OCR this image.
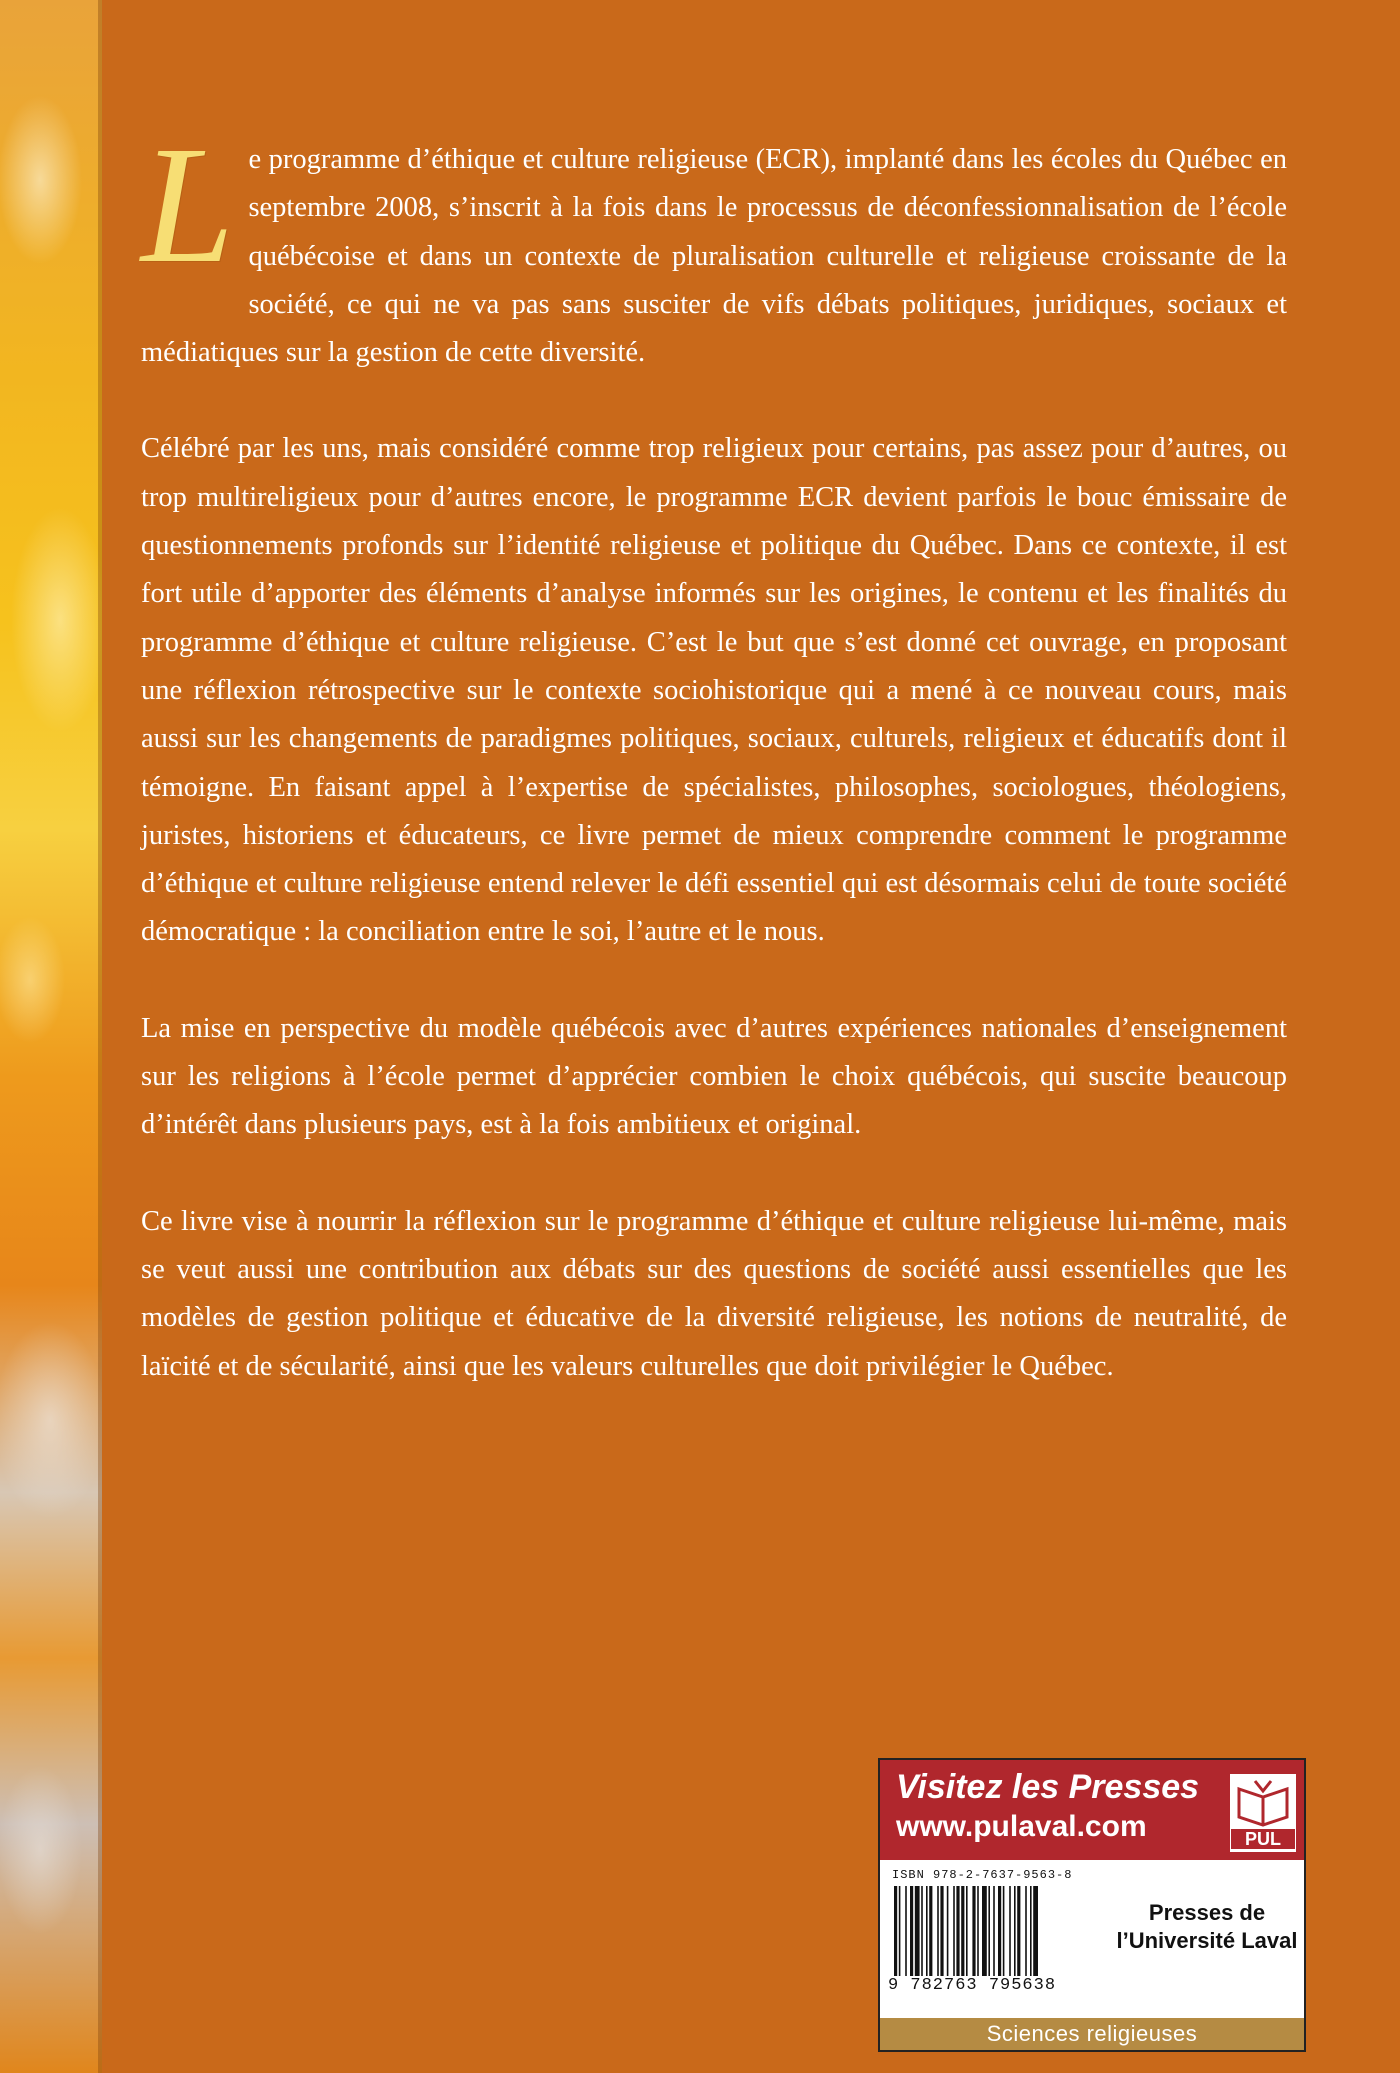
Le programme d’éthique et culture religieuse (ECR), implanté dans les écoles du Québec en septembre 2008, s’inscrit à la fois dans le processus de déconfessionnalisation de l’école québécoise et dans un contexte de pluralisation culturelle et religieuse croissante de la société, ce qui ne va pas sans susciter de vifs débats politiques, juridiques, sociaux et médiatiques sur la gestion de cette diversité.

Célébré par les uns, mais considéré comme trop religieux pour certains, pas assez pour d’autres, ou trop multireligieux pour d’autres encore, le programme ECR devient parfois le bouc émissaire de questionnements profonds sur l’identité religieuse et politique du Québec. Dans ce contexte, il est fort utile d’apporter des éléments d’analyse informés sur les origines, le contenu et les finalités du programme d’éthique et culture religieuse. C’est le but que s’est donné cet ouvrage, en proposant une réflexion rétrospective sur le contexte sociohistorique qui a mené à ce nouveau cours, mais aussi sur les changements de paradigmes politiques, sociaux, culturels, religieux et éducatifs dont il témoigne. En faisant appel à l’expertise de spécialistes, philosophes, sociologues, théologiens, juristes, historiens et éducateurs, ce livre permet de mieux comprendre comment le programme d’éthique et culture religieuse entend relever le défi essentiel qui est désormais celui de toute société démocratique : la conciliation entre le soi, l’autre et le nous.

La mise en perspective du modèle québécois avec d’autres expériences nationales d’enseignement sur les religions à l’école permet d’apprécier combien le choix québécois, qui suscite beaucoup d’intérêt dans plusieurs pays, est à la fois ambitieux et original.

Ce livre vise à nourrir la réflexion sur le programme d’éthique et culture religieuse lui-même, mais se veut aussi une contribution aux débats sur des questions de société aussi essentielles que les modèles de gestion politique et éducative de la diversité religieuse, les notions de neutralité, de laïcité et de sécularité, ainsi que les valeurs culturelles que doit privilégier le Québec.

Visitez les Presses
www.pulaval.com	PUL
ISBN 978-2-7637-9563-8
9 782763 795638
Presses de
l’Université Laval
Sciences religieuses
